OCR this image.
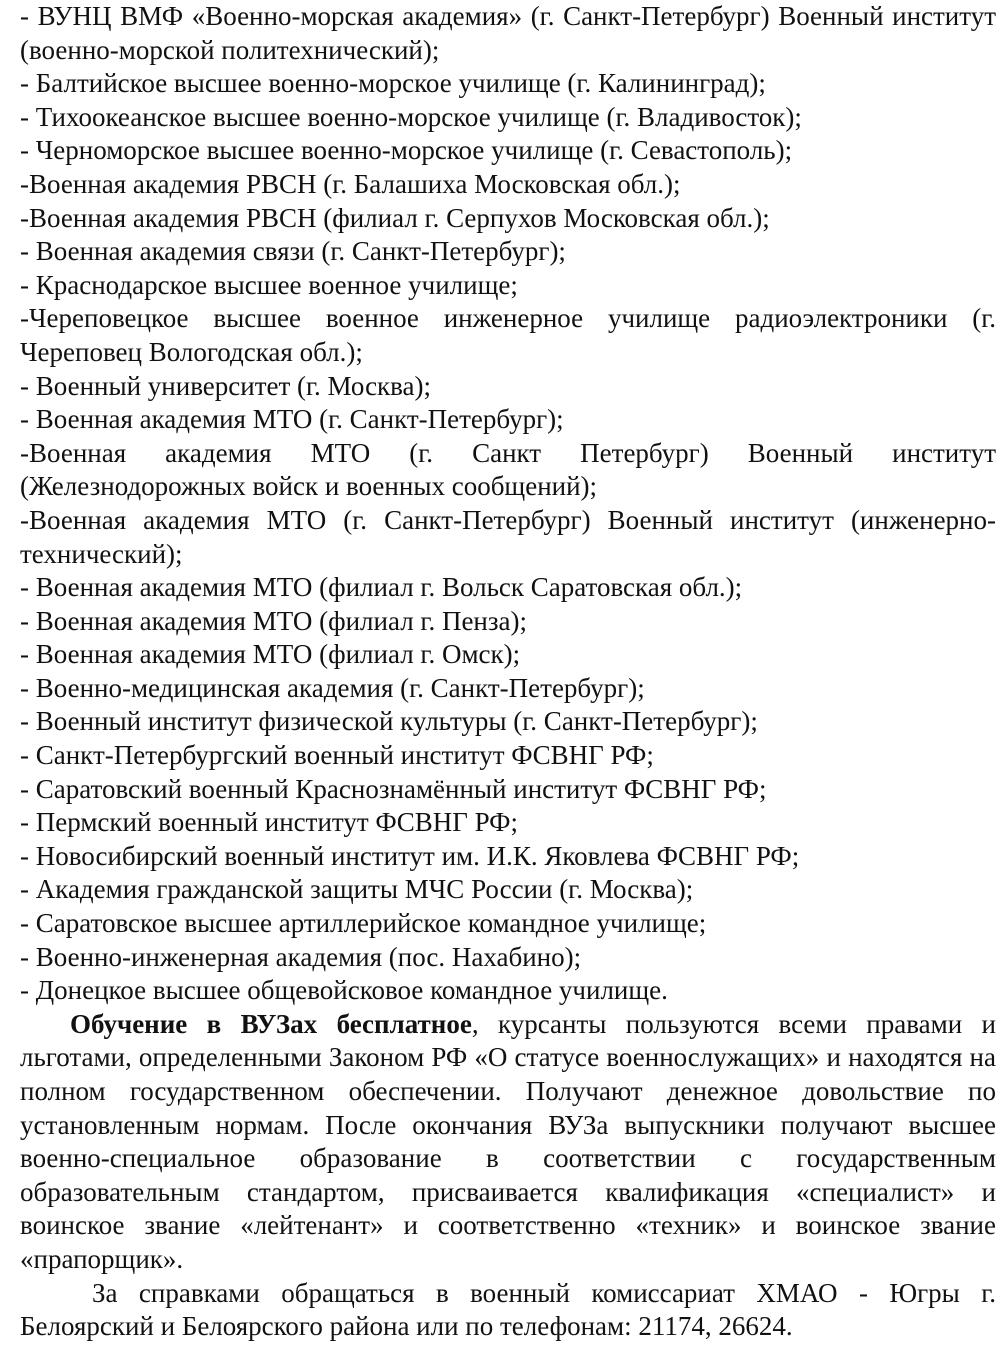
- ВУНЦ ВМФ «Военно-морская академия» (г. Санкт-Петербург) Военный институт (военно-морской политехнический);
- Балтийское высшее военно-морское училище (г. Калининград);
- Тихоокеанское высшее военно-морское училище (г. Владивосток);
- Черноморское высшее военно-морское училище (г. Севастополь);
-Военная академия РВСН (г. Балашиха Московская обл.);
-Военная академия РВСН (филиал г. Серпухов Московская обл.);
- Военная академия связи (г. Санкт-Петербург);
- Краснодарское высшее военное училище;
-Череповецкое высшее военное инженерное училище радиоэлектроники (г. Череповец Вологодская обл.);
- Военный университет (г. Москва);
- Военная академия МТО (г. Санкт-Петербург);
-Военная академия МТО (г. Санкт Петербург) Военный институт (Железнодорожных войск и военных сообщений);
-Военная академия МТО (г. Санкт-Петербург) Военный институт (инженерно-технический);
- Военная академия МТО (филиал г. Вольск Саратовская обл.);
- Военная академия МТО (филиал г. Пенза);
- Военная академия МТО (филиал г. Омск);
- Военно-медицинская академия (г. Санкт-Петербург);
- Военный институт физической культуры (г. Санкт-Петербург);
- Санкт-Петербургский военный институт ФСВНГ РФ;
- Саратовский военный Краснознамённый институт ФСВНГ РФ;
- Пермский военный институт ФСВНГ РФ;
- Новосибирский военный институт им. И.К. Яковлева ФСВНГ РФ;
- Академия гражданской защиты МЧС России (г. Москва);
- Саратовское высшее артиллерийское командное училище;
- Военно-инженерная академия (пос. Нахабино);
- Донецкое высшее общевойсковое командное училище.

Обучение в ВУЗах бесплатное, курсанты пользуются всеми правами и льготами, определенными Законом РФ «О статусе военнослужащих» и находятся на полном государственном обеспечении. Получают денежное довольствие по установленным нормам. После окончания ВУЗа выпускники получают высшее военно-специальное образование в соответствии с государственным образовательным стандартом, присваивается квалификация «специалист» и воинское звание «лейтенант» и соответственно «техник» и воинское звание «прапорщик».

За справками обращаться в военный комиссариат ХМАО - Югры г. Белоярский и Белоярского района или по телефонам: 21174, 26624.
